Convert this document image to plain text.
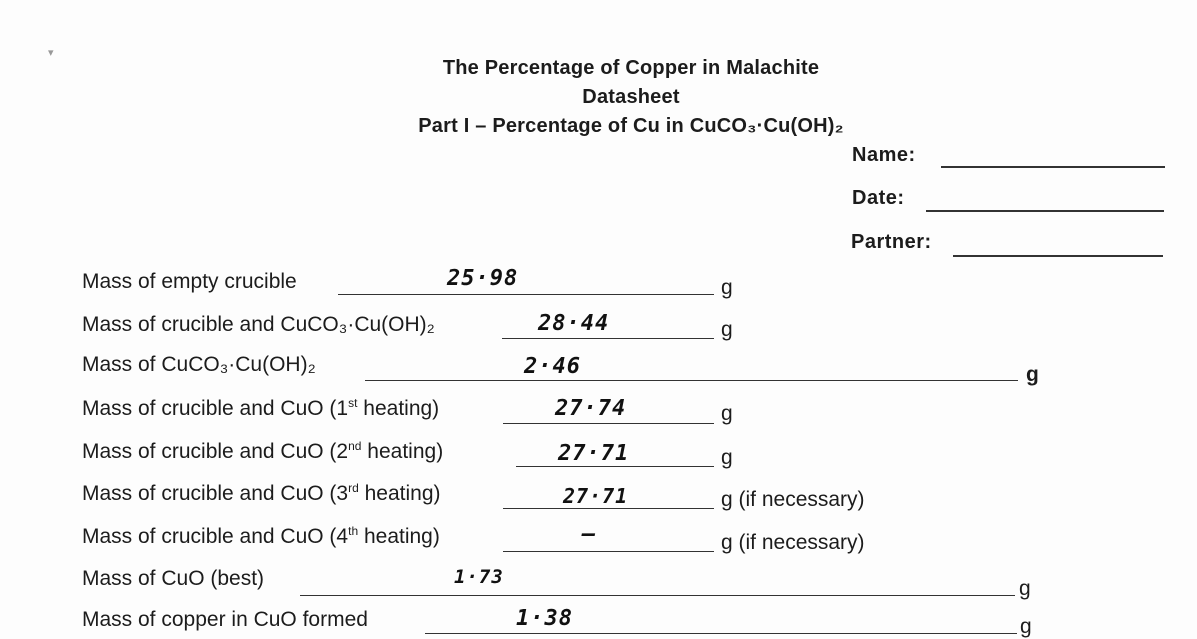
▾
The Percentage of Copper in Malachite
Datasheet
Part I – Percentage of Cu in CuCO₃·Cu(OH)₂
Name:
Date:
Partner:
Mass of empty crucible	25·98	g
Mass of crucible and CuCO₃·Cu(OH)₂	28·44	g
Mass of CuCO₃·Cu(OH)₂	2·46	g
Mass of crucible and CuO (1st heating)	27·74	g
Mass of crucible and CuO (2nd heating)	27·71	g
Mass of crucible and CuO (3rd heating)	27·71	g (if necessary)
Mass of crucible and CuO (4th heating)	—	g (if necessary)
Mass of CuO (best)	1·73	g
Mass of copper in CuO formed	1·38	g
